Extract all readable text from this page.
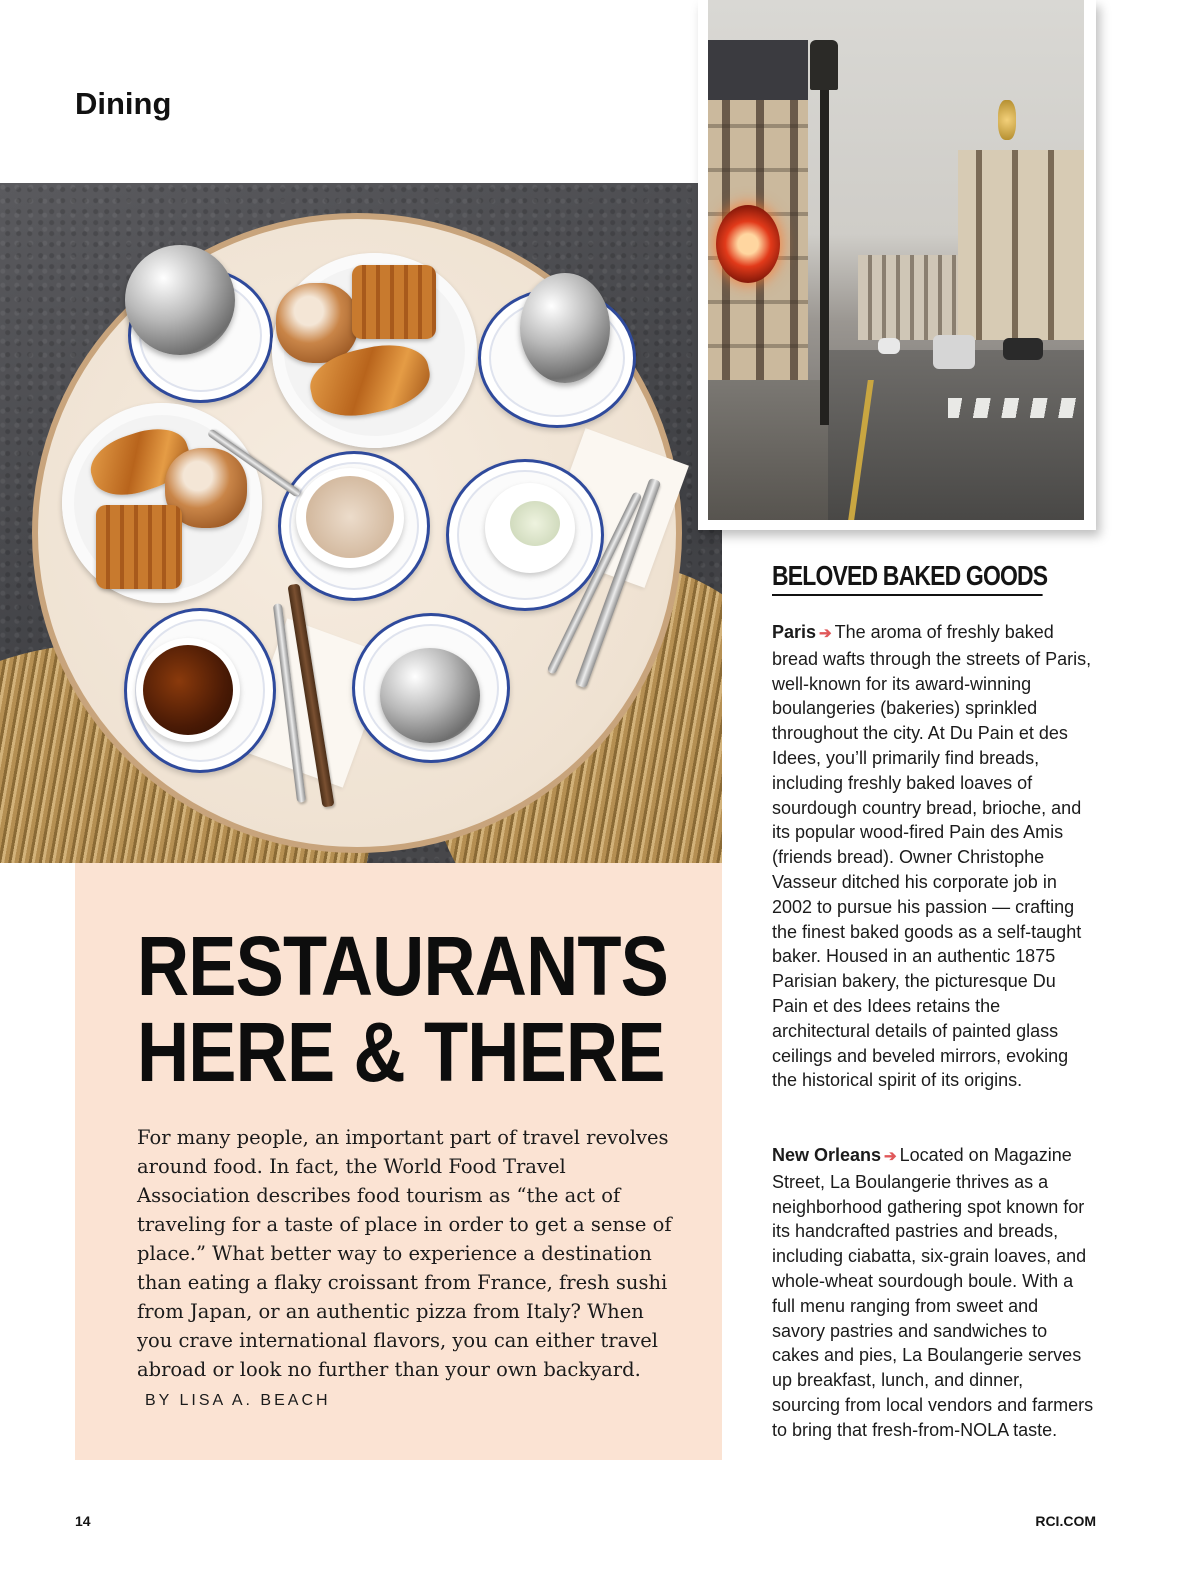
Dining
RESTAURANTS
HERE & THERE

For many people, an important part of travel revolves around food. In fact, the World Food Travel Association describes food tourism as “the act of traveling for a taste of place in order to get a sense of place.” What better way to experience a destination than eating a flaky croissant from France, fresh sushi from Japan, or an authentic pizza from Italy? When you crave international flavors, you can either travel abroad or look no further than your own backyard. BY LISA A. BEACH

BELOVED BAKED GOODS

Paris ➔ The aroma of freshly baked bread wafts through the streets of Paris, well-known for its award-winning boulangeries (bakeries) sprinkled throughout the city. At Du Pain et des Idees, you’ll primarily find breads, including freshly baked loaves of sourdough country bread, brioche, and its popular wood-fired Pain des Amis (friends bread). Owner Christophe Vasseur ditched his corporate job in 2002 to pursue his passion — crafting the finest baked goods as a self-taught baker. Housed in an authentic 1875 Parisian bakery, the picturesque Du Pain et des Idees retains the architectural details of painted glass ceilings and beveled mirrors, evoking the historical spirit of its origins.

New Orleans ➔ Located on Magazine Street, La Boulangerie thrives as a neighborhood gathering spot known for its handcrafted pastries and breads, including ciabatta, six-grain loaves, and whole-wheat sourdough boule. With a full menu ranging from sweet and savory pastries and sandwiches to cakes and pies, La Boulangerie serves up breakfast, lunch, and dinner, sourcing from local vendors and farmers to bring that fresh-from-NOLA taste.

14	RCI.COM
